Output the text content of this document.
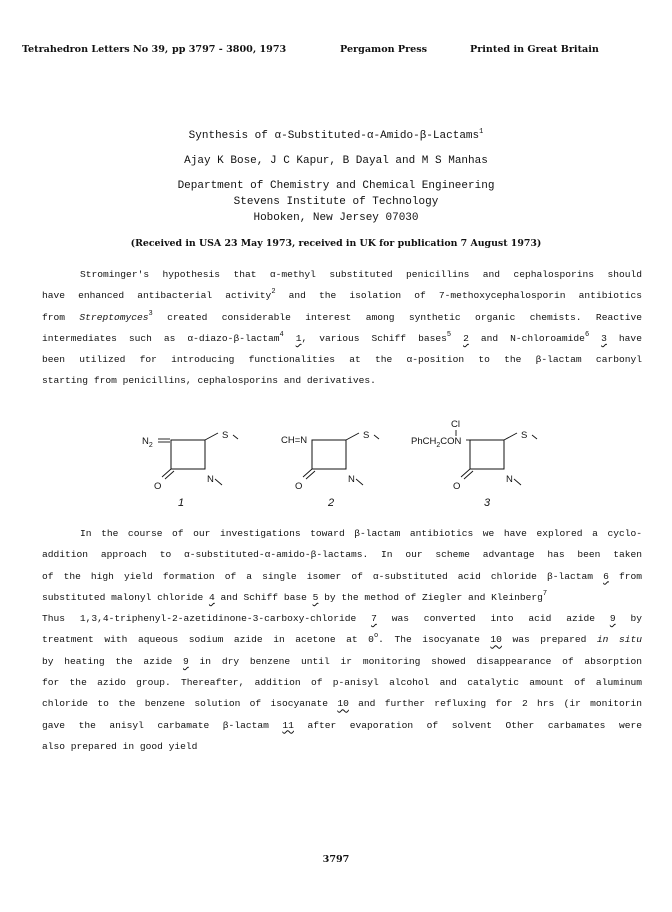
Tetrahedron Letters No 39, pp 3797 - 3800, 1973	Pergamon Press	Printed in Great Britain
Synthesis of α-Substituted-α-Amido-β-Lactams$^1$
Ajay K Bose, J C Kapur, B Dayal and M S Manhas
Department of Chemistry and Chemical Engineering
Stevens Institute of Technology
Hoboken, New Jersey 07030
(Received in USA 23 May 1973, received in UK for publication 7 August 1973)
Strominger's hypothesis that α-methyl substituted penicillins and cephalosporins should
have enhanced antibacterial activity$^2$ and the isolation of 7-methoxycephalosporin antibiotics
from Streptomyces$^3$ created considerable interest among synthetic organic chemists. Reactive
intermediates such as α-diazo-β-lactam$^4$ 1, various Schiff bases$^5$ 2 and N-chloroamide$^6$ 3 have
been utilized for introducing functionalities at the α-position to the β-lactam carbonyl
starting from penicillins, cephalosporins and derivatives.
$N_2$
S
N
O
1
CH=N	S
N
O
2
Cl
PhCH$_2$CON
S
N
O
3
In the course of our investigations toward β-lactam antibiotics we have explored a cyclo-
addition approach to α-substituted-α-amido-β-lactams. In our scheme advantage has been taken
of the high yield formation of a single isomer of α-substituted acid chloride β-lactam 6 from
substituted malonyl chloride 4 and Schiff base 5 by the method of Ziegler and Kleinberg$^7$
Thus 1,3,4-triphenyl-2-azetidinone-3-carboxy-chloride 7 was converted into acid azide 9 by
treatment with aqueous sodium azide in acetone at 0$^o$. The isocyanate 10 was prepared in situ
by heating the azide 9 in dry benzene until ir monitoring showed disappearance of absorption
for the azido group. Thereafter, addition of p-anisyl alcohol and catalytic amount of aluminum
chloride to the benzene solution of isocyanate 10 and further refluxing for 2 hrs (ir monitorin
gave the anisyl carbamate β-lactam 11 after evaporation of solvent Other carbamates were
also prepared in good yield
3797
